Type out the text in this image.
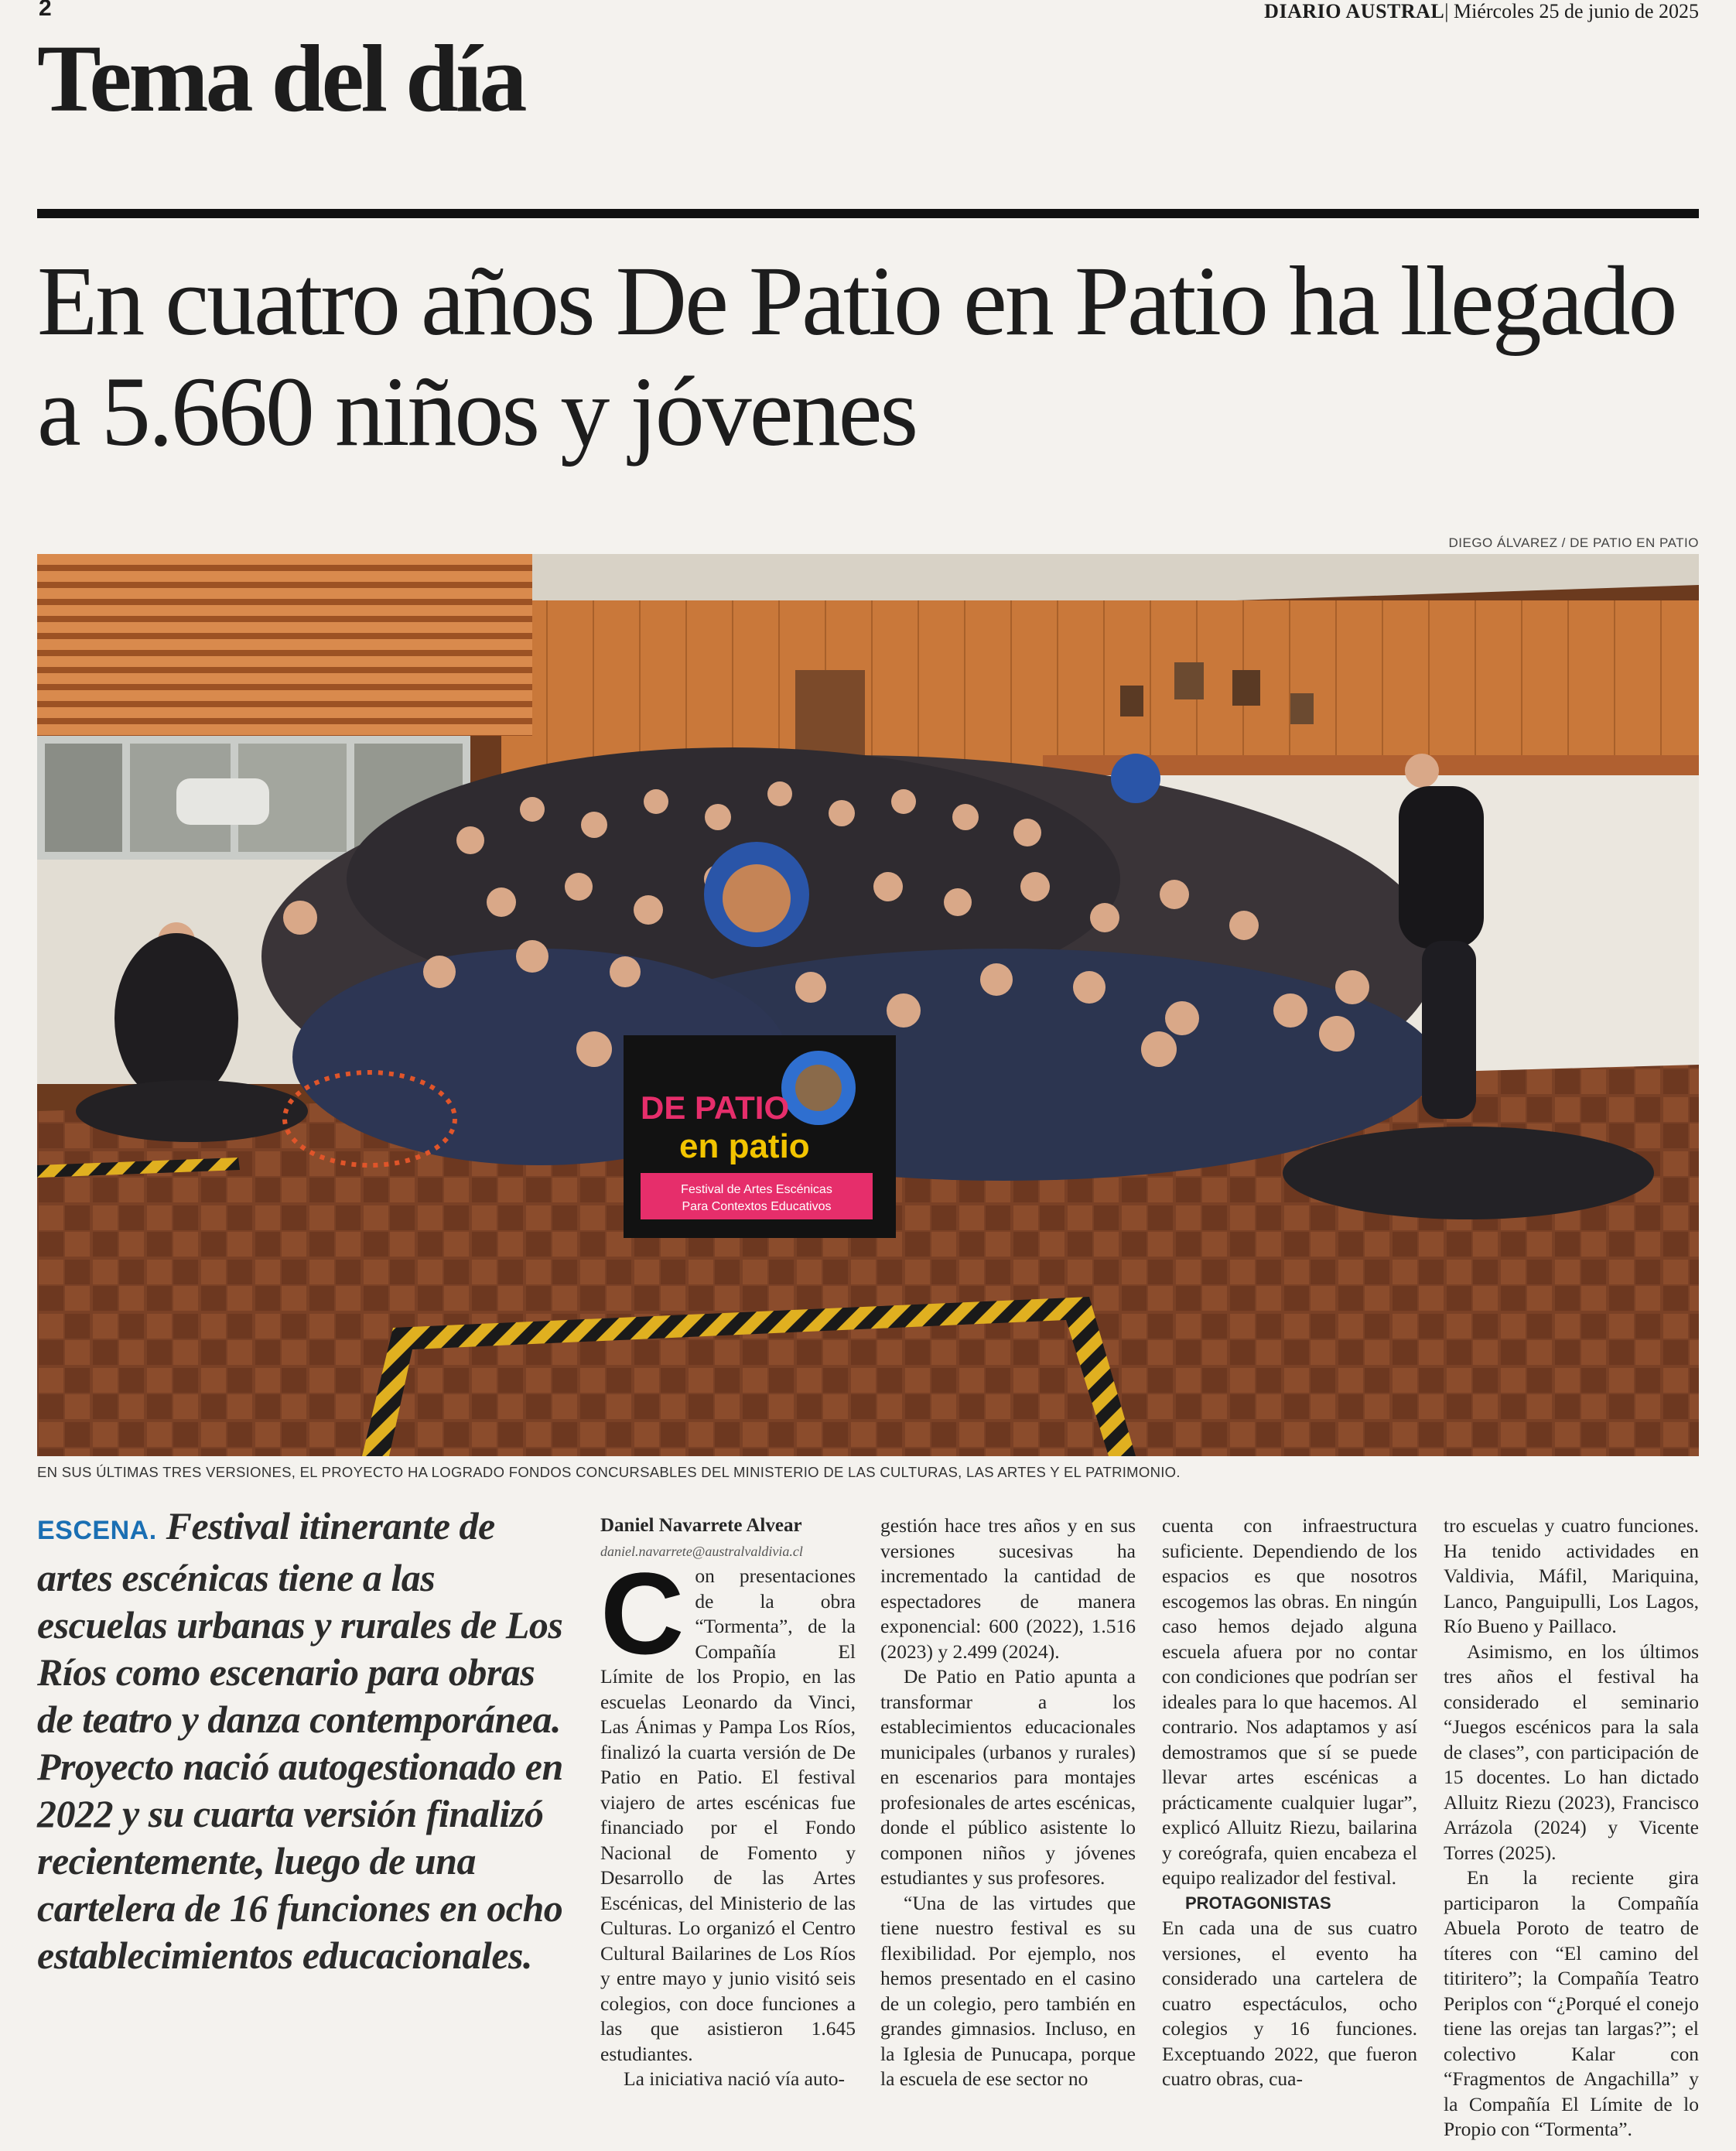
2	DIARIO AUSTRAL| Miércoles 25 de junio de 2025
Tema del día
En cuatro años De Patio en Patio ha llegado a 5.660 niños y jóvenes
DIEGO ÁLVAREZ / DE PATIO EN PATIO
DE PATIO
en patio
Festival de Artes Escénicas
Para Contextos Educativos
EN SUS ÚLTIMAS TRES VERSIONES, EL PROYECTO HA LOGRADO FONDOS CONCURSABLES DEL MINISTERIO DE LAS CULTURAS, LAS ARTES Y EL PATRIMONIO.
ESCENA. Festival itinerante de artes escénicas tiene a las escuelas urbanas y rurales de Los Ríos como escenario para obras de teatro y danza contemporánea. Proyecto nació autogestionado en 2022 y su cuarta versión finalizó recientemente, luego de una cartelera de 16 funciones en ocho establecimientos educacionales.

Daniel Navarrete Alvear

daniel.navarrete@australvaldivia.cl

Con presentaciones de la obra “Tormenta”, de la Compañía El Límite de los Propio, en las escuelas Leonardo da Vinci, Las Ánimas y Pampa Los Ríos, finalizó la cuarta versión de De Patio en Patio. El festival viajero de artes escénicas fue financiado por el Fondo Nacional de Fomento y Desarrollo de las Artes Escénicas, del Ministerio de las Culturas. Lo organizó el Centro Cultural Bailarines de Los Ríos y entre mayo y junio visitó seis colegios, con doce funciones a las que asistieron 1.645 estudiantes.

La iniciativa nació vía auto-

gestión hace tres años y en sus versiones sucesivas ha incrementado la cantidad de espectadores de manera exponencial: 600 (2022), 1.516 (2023) y 2.499 (2024).

De Patio en Patio apunta a transformar a los establecimientos educacionales municipales (urbanos y rurales) en escenarios para montajes profesionales de artes escénicas, donde el público asistente lo componen niños y jóvenes estudiantes y sus profesores.

“Una de las virtudes que tiene nuestro festival es su flexibilidad. Por ejemplo, nos hemos presentado en el casino de un colegio, pero también en grandes gimnasios. Incluso, en la Iglesia de Punucapa, porque la escuela de ese sector no

cuenta con infraestructura suficiente. Dependiendo de los espacios es que nosotros escogemos las obras. En ningún caso hemos dejado alguna escuela afuera por no contar con condiciones que podrían ser ideales para lo que hacemos. Al contrario. Nos adaptamos y así demostramos que sí se puede llevar artes escénicas a prácticamente cualquier lugar”, explicó Alluitz Riezu, bailarina y coreógrafa, quien encabeza el equipo realizador del festival.

PROTAGONISTAS

En cada una de sus cuatro versiones, el evento ha considerado una cartelera de cuatro espectáculos, ocho colegios y 16 funciones. Exceptuando 2022, que fueron cuatro obras, cua-

tro escuelas y cuatro funciones. Ha tenido actividades en Valdivia, Máfil, Mariquina, Lanco, Panguipulli, Los Lagos, Río Bueno y Paillaco.

Asimismo, en los últimos tres años el festival ha considerado el seminario “Juegos escénicos para la sala de clases”, con participación de 15 docentes. Lo han dictado Alluitz Riezu (2023), Francisco Arrázola (2024) y Vicente Torres (2025).

En la reciente gira participaron la Compañía Abuela Poroto de teatro de títeres con “El camino del titiritero”; la Compañía Teatro Periplos con “¿Porqué el conejo tiene las orejas tan largas?”; el colectivo Kalar con “Fragmentos de Angachilla” y la Compañía El Límite de lo Propio con “Tormenta”.
